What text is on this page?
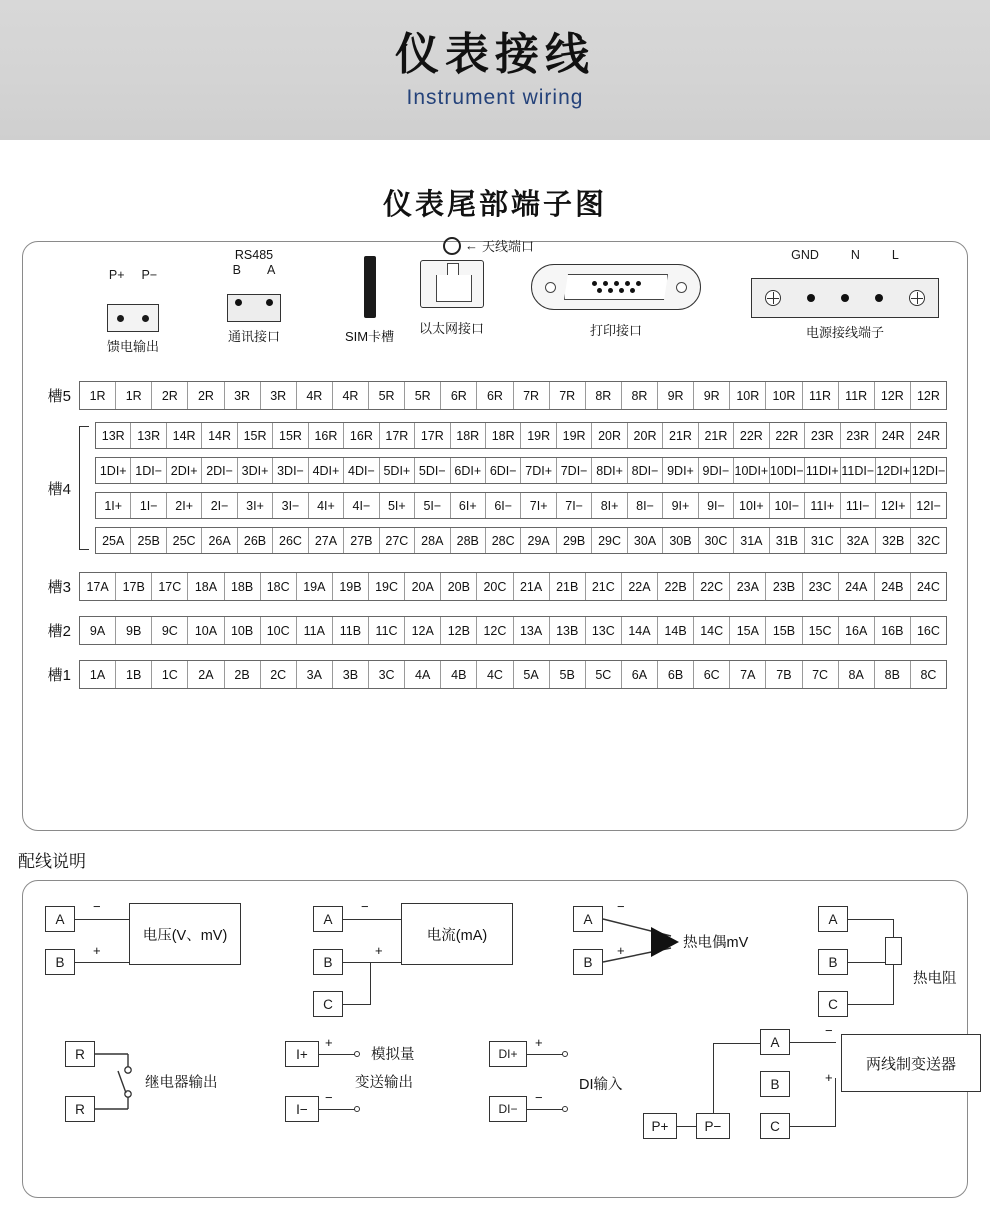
仪表接线
Instrument wiring
仪表尾部端子图
P+ P−
馈电输出
RS485
B A
通讯接口	SIM卡槽
以太网接口
← 天线端口
打印接口
GND	N	L
电源接线端子
槽5	1R	1R	2R	2R	3R	3R	4R	4R	5R	5R	6R	6R	7R	7R	8R	8R	9R	9R	10R	10R	11R	11R	12R	12R
槽4
13R	13R	14R	14R	15R	15R	16R	16R	17R	17R	18R	18R	19R	19R	20R	20R	21R	21R	22R	22R	23R	23R	24R	24R
1DI+ 1DI− 2DI+ 2DI− 3DI+ 3DI− 4DI+ 4DI− 5DI+ 5DI− 6DI+ 6DI− 7DI+ 7DI− 8DI+ 8DI− 9DI+ 9DI− 10DI+ 10DI− 11DI+ 11DI− 12DI+ 12DI−
1I+	1I−	2I+	2I−	3I+	3I−	4I+	4I−	5I+	5I−	6I+	6I−	7I+	7I−	8I+	8I−	9I+	9I−	10I+ 10I− 11I+ 11I− 12I+ 12I−
25A	25B	25C	26A	26B	26C	27A	27B	27C	28A	28B	28C	29A	29B	29C	30A	30B	30C	31A	31B	31C	32A	32B	32C
槽3	17A	17B	17C	18A	18B	18C	19A	19B	19C	20A	20B	20C	21A	21B	21C	22A	22B	22C	23A	23B	23C	24A	24B	24C
槽2	9A	9B	9C	10A	10B	10C	11A	11B	11C	12A	12B	12C	13A	13B	13C	14A	14B	14C	15A	15B	15C	16A	16B	16C
槽1	1A	1B	1C	2A	2B	2C	3A	3B	3C	4A	4B	4C	5A	5B	5C	6A	6B	6C	7A	7B	7C	8A	8B	8C
配线说明
A
B
−
+
电压(V、mV)
A
B
C
−
+
电流(mA)
A
B
−
+	热电偶mV
A
B
C
热电阻
R
R
继电器输出
I+
I−
+
−
模拟量
变送输出
DI+
DI−
+
−
DI输入
A
B
C
P+	P−
−
+
两线制变送器
